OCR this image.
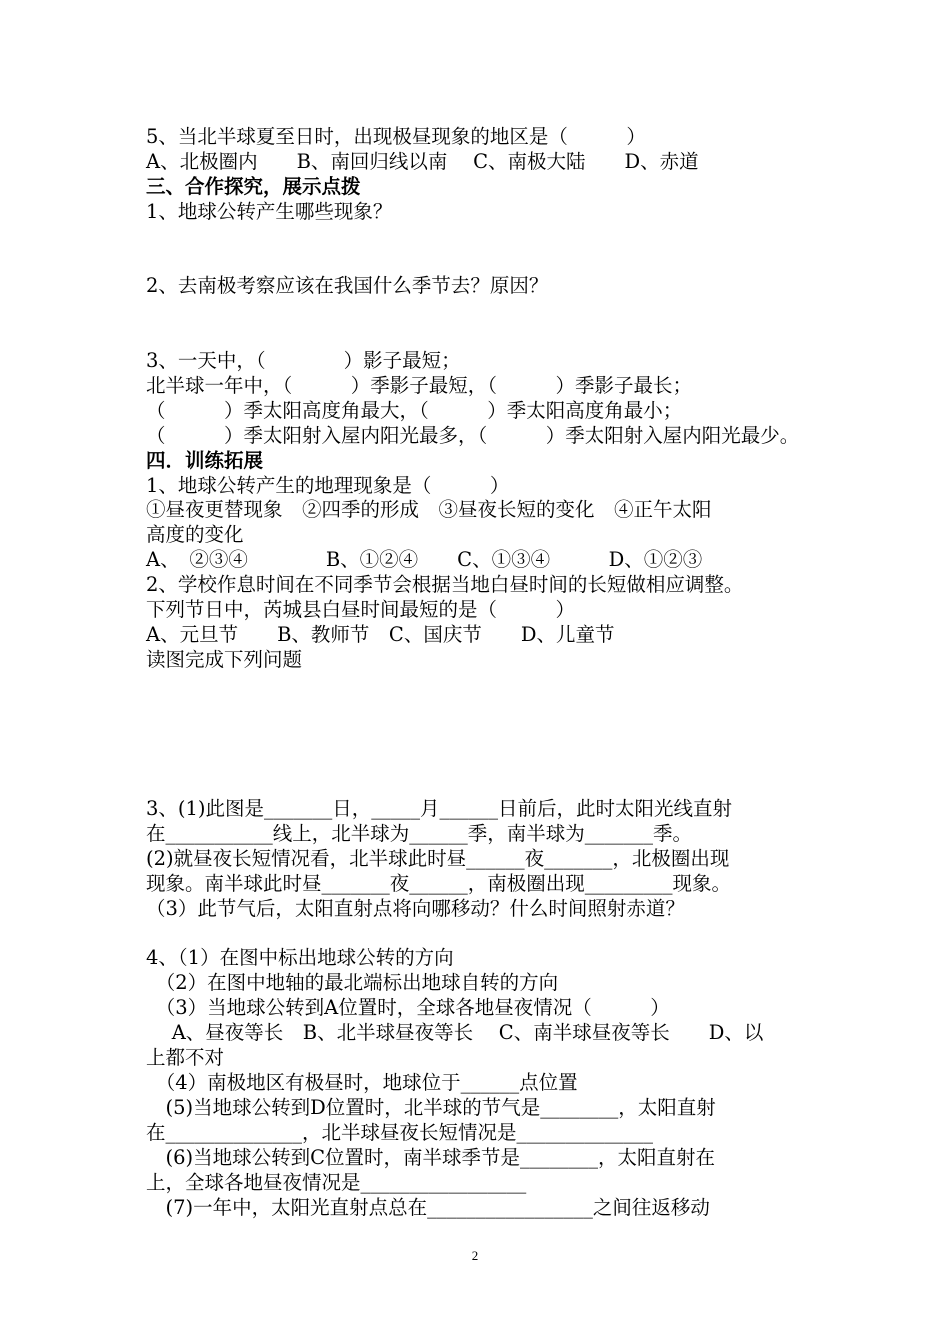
5、当北半球夏至日时，出现极昼现象的地区是（　　　）
A、北极圈内　　B、南回归线以南　 C、南极大陆　　D、赤道
三、合作探究，展示点拨
1、地球公转产生哪些现象？
2、去南极考察应该在我国什么季节去？原因？
3、一天中，（　　　　）影子最短；
北半球一年中，（　　　）季影子最短，（　　　）季影子最长；
（　　　）季太阳高度角最大，（　　　）季太阳高度角最小；
（　　　）季太阳射入屋内阳光最多，（　　　）季太阳射入屋内阳光最少。
四．训练拓展
1、地球公转产生的地理现象是（　　　）
①昼夜更替现象　②四季的形成　③昼夜长短的变化　④正午太阳
高度的变化
A、　②③④　　　　B、①②④　　C、①③④　　　D、①②③
2、学校作息时间在不同季节会根据当地白昼时间的长短做相应调整。
下列节日中，芮城县白昼时间最短的是（　　　）
A、元旦节　　B、教师节　C、国庆节　　D、儿童节
读图完成下列问题
3、(1)此图是_______日，_____月______日前后，此时太阳光线直射
在___________线上，北半球为______季，南半球为_______季。
(2)就昼夜长短情况看，北半球此时昼______夜_______，北极圈出现
现象。南半球此时昼_______夜______，南极圈出现_________现象。
（3）此节气后，太阳直射点将向哪移动？什么时间照射赤道？
4、（1）在图中标出地球公转的方向
　（2）在图中地轴的最北端标出地球自转的方向
　（3）当地球公转到A位置时，全球各地昼夜情况（　　　）
　 A、昼夜等长　B、北半球昼夜等长　 C、南半球昼夜等长　　D、以
上都不对
　（4）南极地区有极昼时，地球位于______点位置
　(5)当地球公转到D位置时，北半球的节气是________，太阳直射
在______________，北半球昼夜长短情况是______________
　(6)当地球公转到C位置时，南半球季节是________，太阳直射在
上，全球各地昼夜情况是_________________
　(7)一年中，太阳光直射点总在_________________之间往返移动
2
